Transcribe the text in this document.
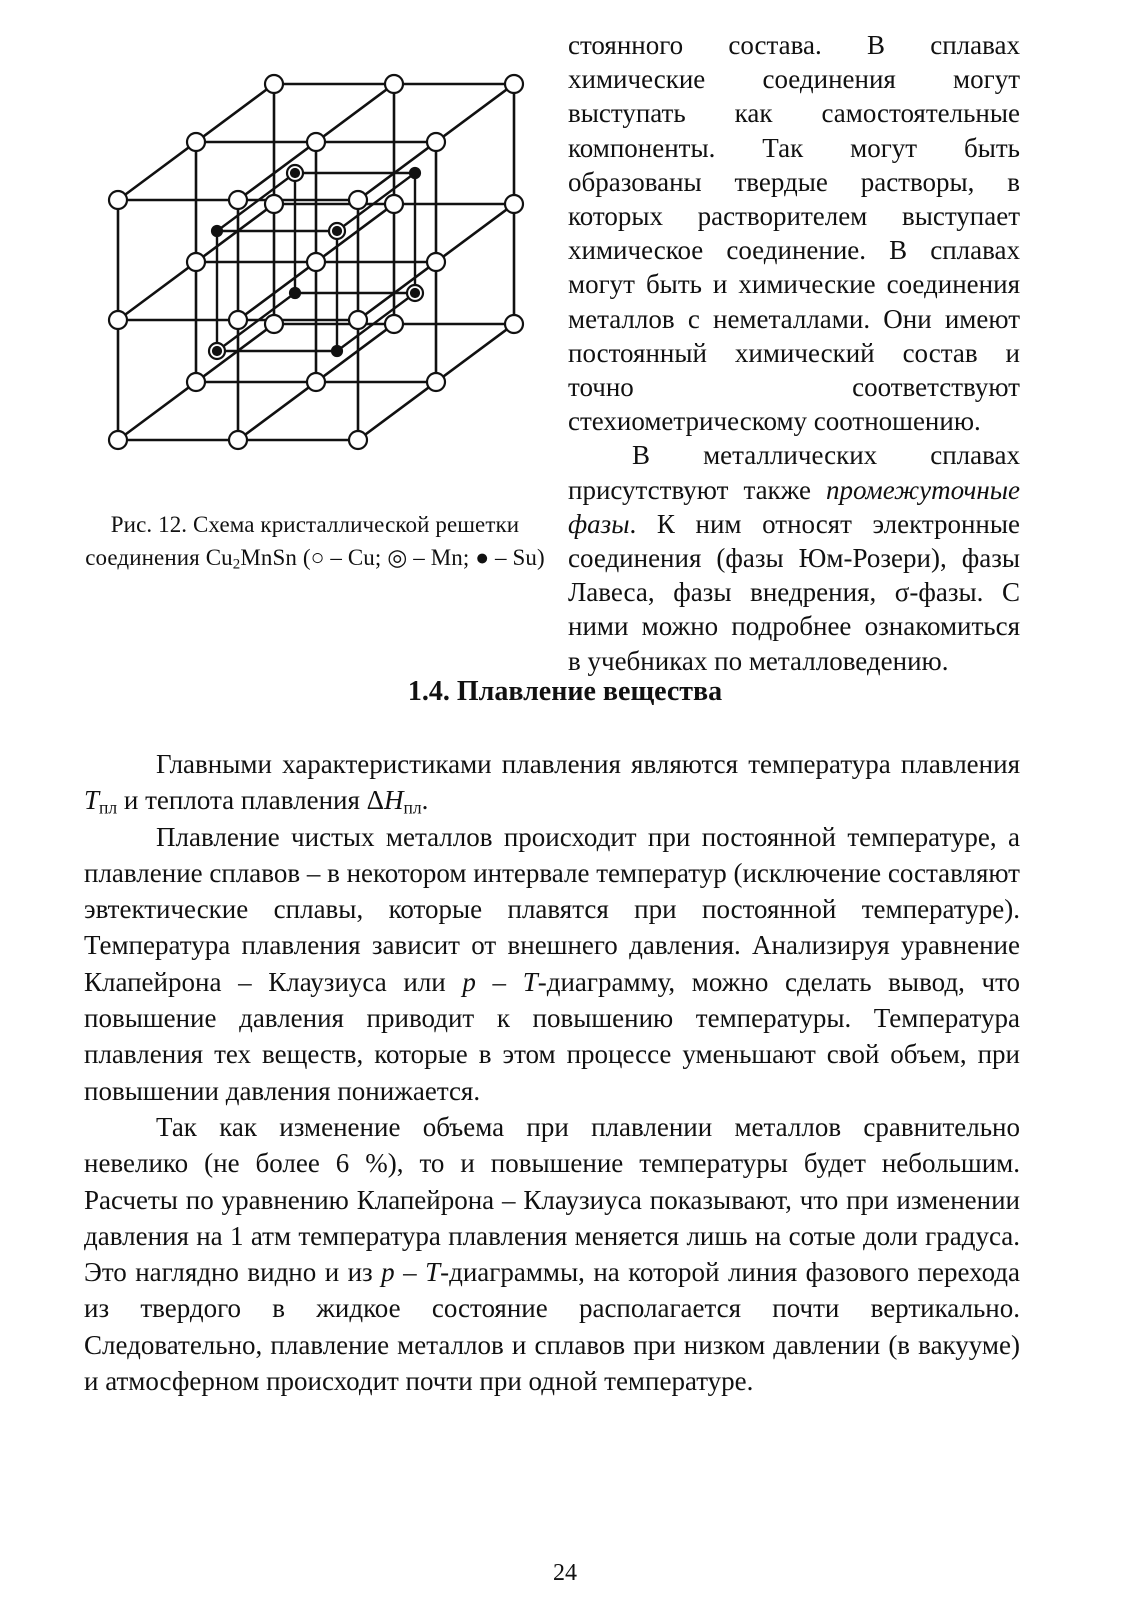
Рис. 12. Схема кристаллической решетки соединения $Cu_2MnSn$ (○ – Cu; ◎ – Mn; ● – Su)

стоянного состава. В сплавах химические соединения могут выступать как самостоятельные компоненты. Так могут быть образованы твердые растворы, в которых растворителем выступает химическое соединение. В сплавах могут быть и химические соединения металлов с неметаллами. Они имеют постоянный химический состав и точно соответствуют стехиометрическому соотношению.

В металлических сплавах присутствуют также промежуточные фазы. К ним относят электронные соединения (фазы Юм-Розери), фазы Лавеса, фазы внедрения, σ-фазы. С ними можно подробнее ознакомиться в учебниках по металловедению.

1.4. Плавление вещества

Главными характеристиками плавления являются температура плавления $T_{пл}$ и теплота плавления $\Delta H_{пл}$.

Плавление чистых металлов происходит при постоянной температуре, а плавление сплавов – в некотором интервале температур (исключение составляют эвтектические сплавы, которые плавятся при постоянной температуре). Температура плавления зависит от внешнего давления. Анализируя уравнение Клапейрона – Клаузиуса или p – T-диаграмму, можно сделать вывод, что повышение давления приводит к повышению температуры. Температура плавления тех веществ, которые в этом процессе уменьшают свой объем, при повышении давления понижается.

Так как изменение объема при плавлении металлов сравнительно невелико (не более 6 %), то и повышение температуры будет небольшим. Расчеты по уравнению Клапейрона – Клаузиуса показывают, что при изменении давления на 1 атм температура плавления меняется лишь на сотые доли градуса. Это наглядно видно и из p – T-диаграммы, на которой линия фазового перехода из твердого в жидкое состояние располагается почти вертикально. Следовательно, плавление металлов и сплавов при низком давлении (в вакууме) и атмосферном происходит почти при одной температуре.

24
